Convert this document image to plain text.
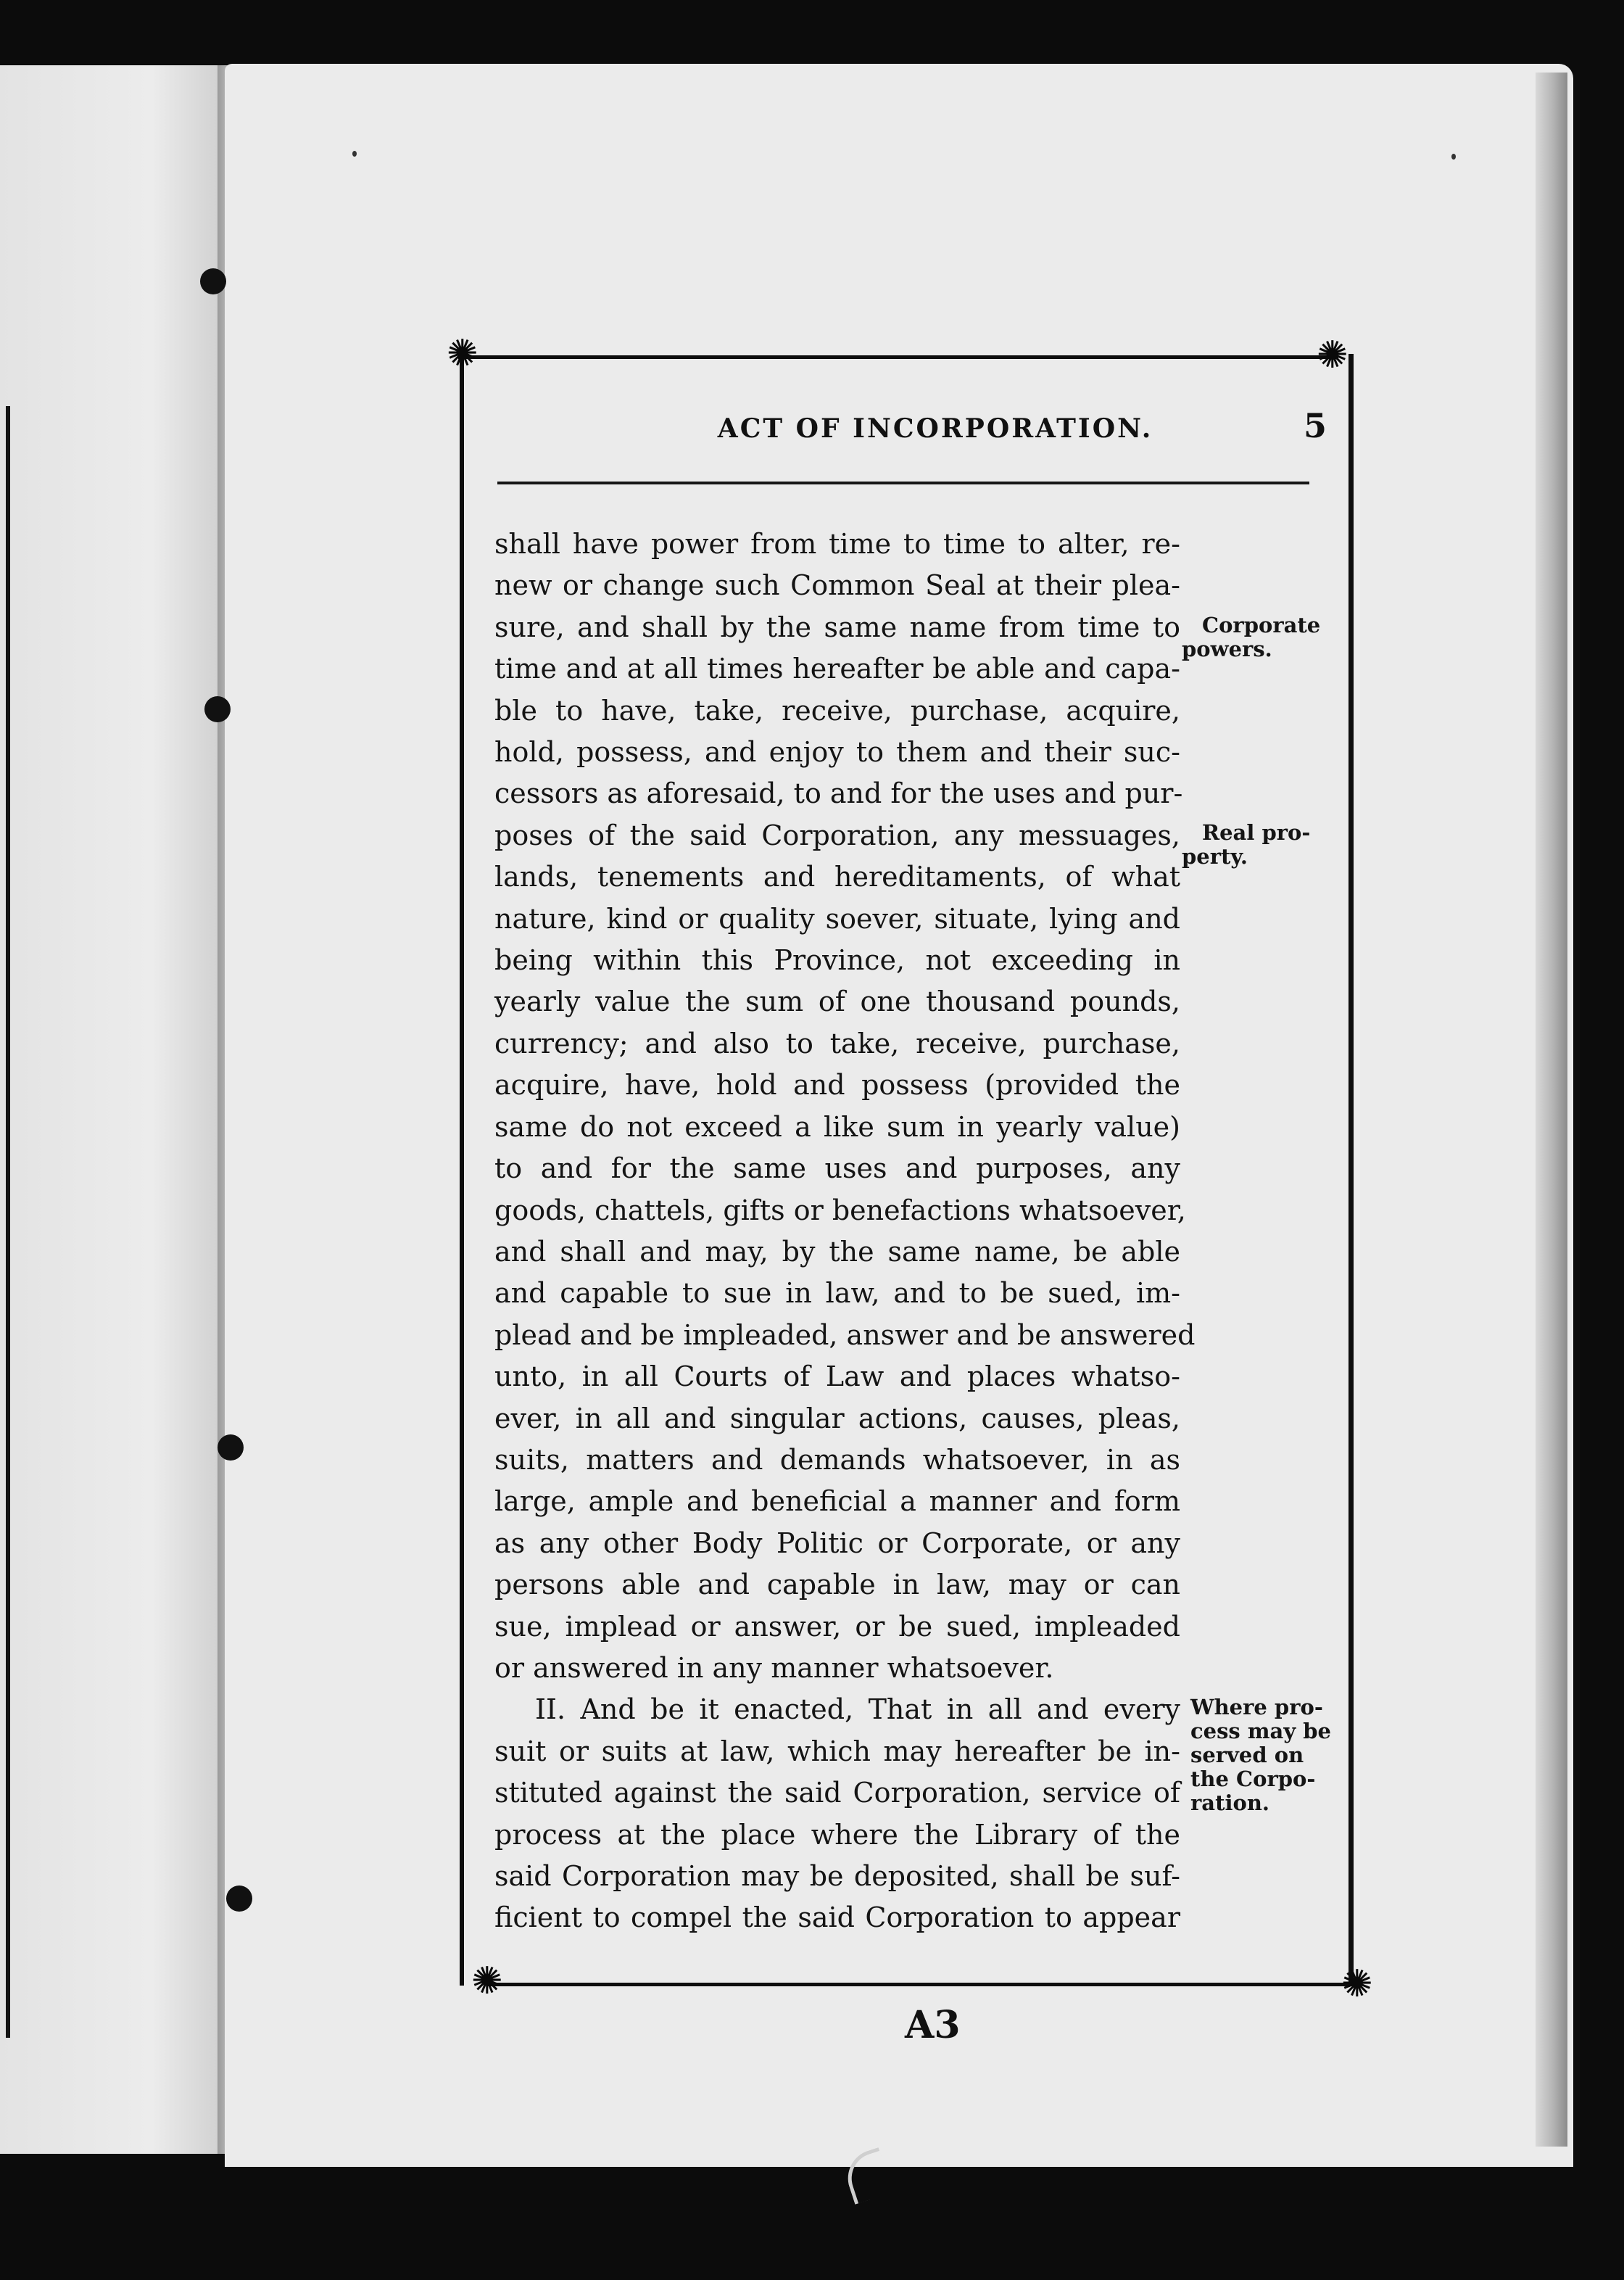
✺	✺
✺	✺
ACT OF INCORPORATION.	5
shall have power from time to time to alter, re-
new or change such Common Seal at their plea-
sure, and shall by the same name from time to
time and at all times hereafter be able and capa-
ble to have, take, receive, purchase, acquire,
hold, possess, and enjoy to them and their suc-
cessors as aforesaid, to and for the uses and pur-
poses of the said Corporation, any messuages,
lands, tenements and hereditaments, of what
nature, kind or quality soever, situate, lying and
being within this Province, not exceeding in
yearly value the sum of one thousand pounds,
currency; and also to take, receive, purchase,
acquire, have, hold and possess (provided the
same do not exceed a like sum in yearly value)
to and for the same uses and purposes, any
goods, chattels, gifts or benefactions whatsoever,
and shall and may, by the same name, be able
and capable to sue in law, and to be sued, im-
plead and be impleaded, answer and be answered
unto, in all Courts of Law and places whatso-
ever, in all and singular actions, causes, pleas,
suits, matters and demands whatsoever, in as
large, ample and beneficial a manner and form
as any other Body Politic or Corporate, or any
persons able and capable in law, may or can
sue, implead or answer, or be sued, impleaded
or answered in any manner whatsoever.
II. And be it enacted, That in all and every
suit or suits at law, which may hereafter be in-
stituted against the said Corporation, service of
process at the place where the Library of the
said Corporation may be deposited, shall be suf-
ficient to compel the said Corporation to appear
Corporate
powers.
Real pro-
perty.
Where pro-
cess may be
served on
the Corpo-
ration.
A3
